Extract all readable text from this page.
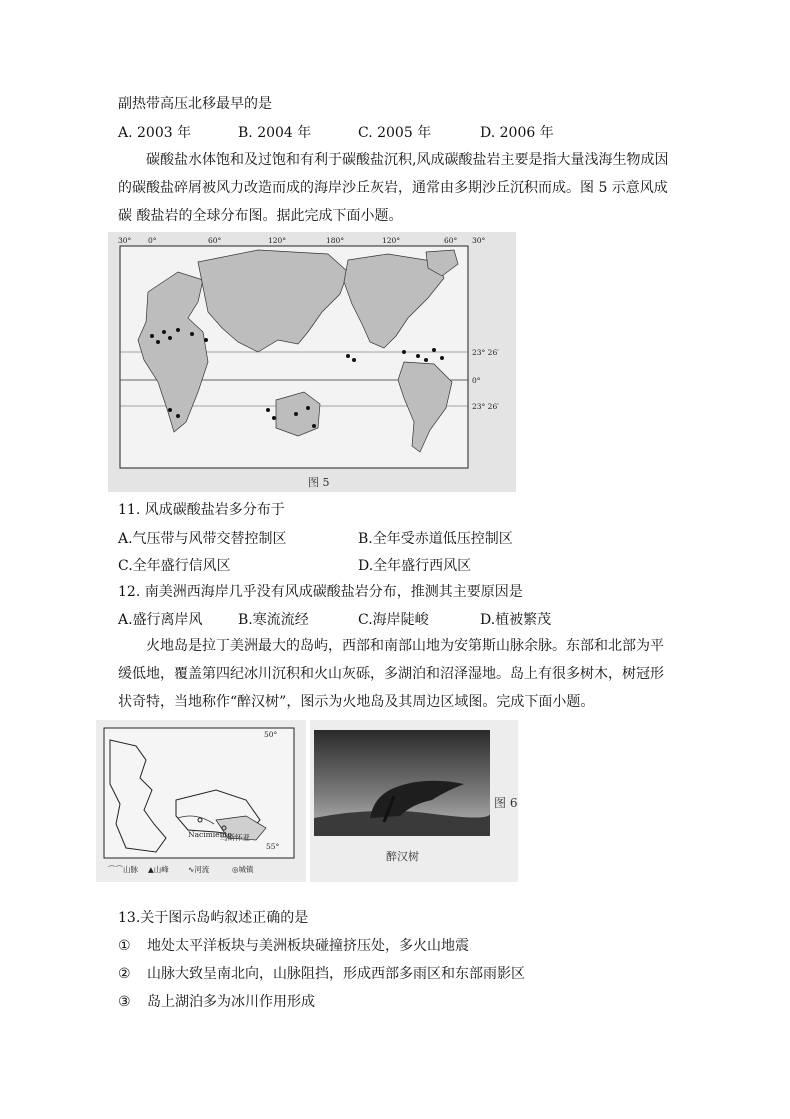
副热带高压北移最早的是
A. 2003 年	B. 2004 年	C. 2005 年	D. 2006 年
碳酸盐水体饱和及过饱和有利于碳酸盐沉积,风成碳酸盐岩主要是指大量浅海生物成因 的碳酸盐碎屑被风力改造而成的海岸沙丘灰岩，通常由多期沙丘沉积而成。图 5 示意风成碳 酸盐岩的全球分布图。据此完成下面小题。
30° 0°	60°	120°	180°	120°	60° 30°
23° 26′
0°
23° 26′
图 5
11. 风成碳酸盐岩多分布于
A.气压带与风带交替控制区	B.全年受赤道低压控制区
C.全年盛行信风区	D.全年盛行西风区
12. 南美洲西海岸几乎没有风成碳酸盐岩分布，推测其主要原因是
A.盛行离岸风	B.寒流流经	C.海岸陡峻	D.植被繁茂
火地岛是拉丁美洲最大的岛屿，西部和南部山地为安第斯山脉余脉。东部和北部为平缓低地，覆盖第四纪冰川沉积和火山灰砾，多湖泊和沼泽湿地。岛上有很多树木，树冠形状奇特，当地称作“醉汉树”，图示为火地岛及其周边区域图。完成下面小题。
50°
55°
Nacimiento
乌斯怀亚
⌒⌒山脉 ▲山峰	∿河流	◎城镇
图 6
醉汉树
13.关于图示岛屿叙述正确的是
① 地处太平洋板块与美洲板块碰撞挤压处，多火山地震
② 山脉大致呈南北向，山脉阻挡，形成西部多雨区和东部雨影区
③ 岛上湖泊多为冰川作用形成
